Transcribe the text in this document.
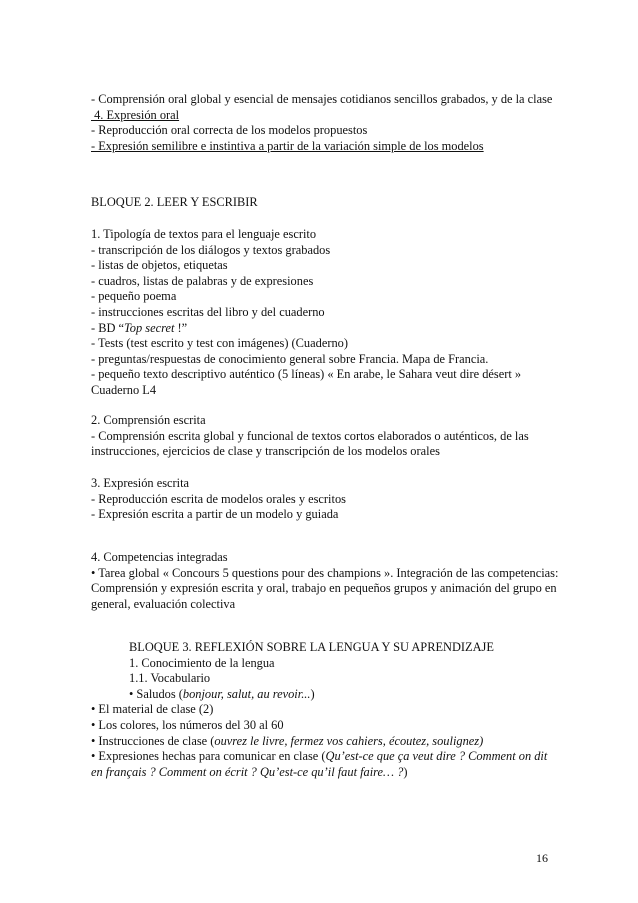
- Comprensión oral global y esencial de mensajes cotidianos sencillos grabados, y de la clase
4. Expresión oral
- Reproducción oral correcta de los modelos propuestos
- Expresión semilibre e instintiva a partir de la variación simple de los modelos
BLOQUE 2. LEER Y ESCRIBIR
1. Tipología de textos para el lenguaje escrito
- transcripción de los diálogos y textos grabados
- listas de objetos, etiquetas
- cuadros, listas de palabras y de expresiones
- pequeño poema
- instrucciones escritas del libro y del cuaderno
- BD “Top secret !”
- Tests (test escrito y test con imágenes) (Cuaderno)
- preguntas/respuestas de conocimiento general sobre Francia. Mapa de Francia.
- pequeño texto descriptivo auténtico (5 líneas) « En arabe, le Sahara veut dire désert » Cuaderno L4
2. Comprensión escrita
- Comprensión escrita global y funcional de textos cortos elaborados o auténticos, de las instrucciones, ejercicios de clase y transcripción de los modelos orales
3. Expresión escrita
- Reproducción escrita de modelos orales y escritos
- Expresión escrita a partir de un modelo y guiada
4. Competencias integradas
• Tarea global « Concours 5 questions pour des champions ». Integración de las competencias: Comprensión y expresión escrita y oral, trabajo en pequeños grupos y animación del grupo en general, evaluación colectiva
BLOQUE 3. REFLEXIÓN SOBRE LA LENGUA Y SU APRENDIZAJE
1. Conocimiento de la lengua
1.1. Vocabulario
• Saludos (bonjour, salut, au revoir...)
• El material de clase (2)
• Los colores, los números del 30 al 60
• Instrucciones de clase (ouvrez le livre, fermez vos cahiers, écoutez, soulignez)
• Expresiones hechas para comunicar en clase (Qu’est-ce que ça veut dire ? Comment on dit en français ? Comment on écrit ? Qu’est-ce qu’il faut faire… ?)
16
